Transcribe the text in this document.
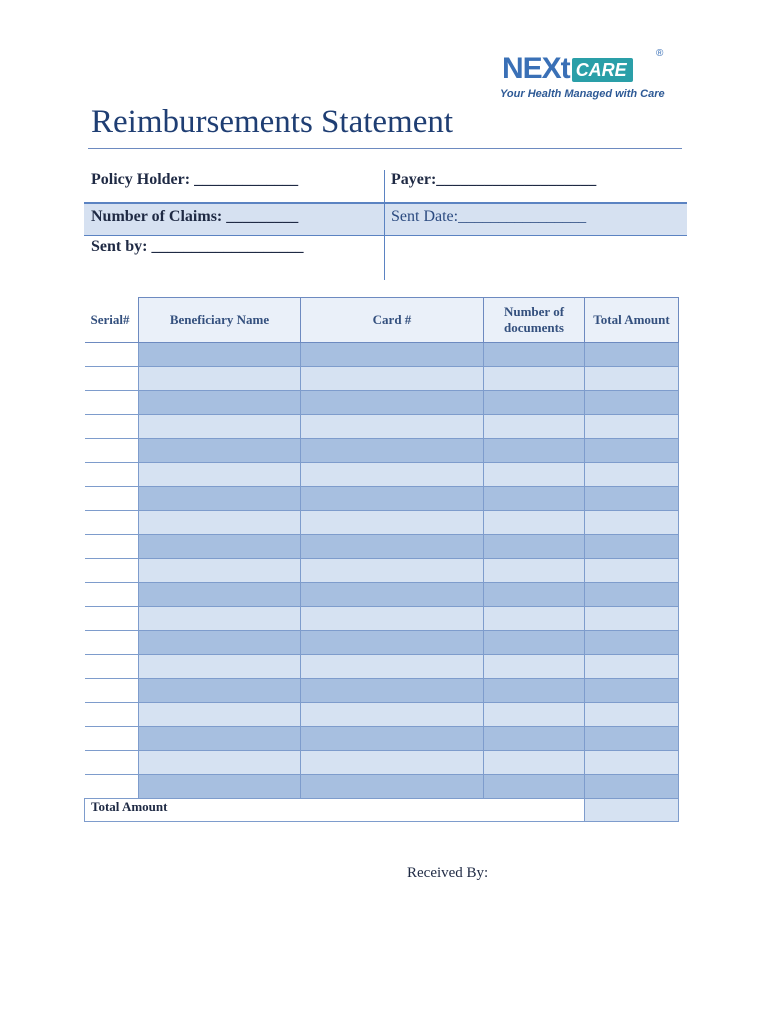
NEXt CARE
®
Your Health Managed with Care
Reimbursements Statement
Policy Holder: _____________	Payer:____________________
Number of Claims: _________	Sent Date:________________
Sent by: ___________________
Serial#	Beneficiary Name	Card #	Number of documents	Total Amount

Total Amount				
Received By:
